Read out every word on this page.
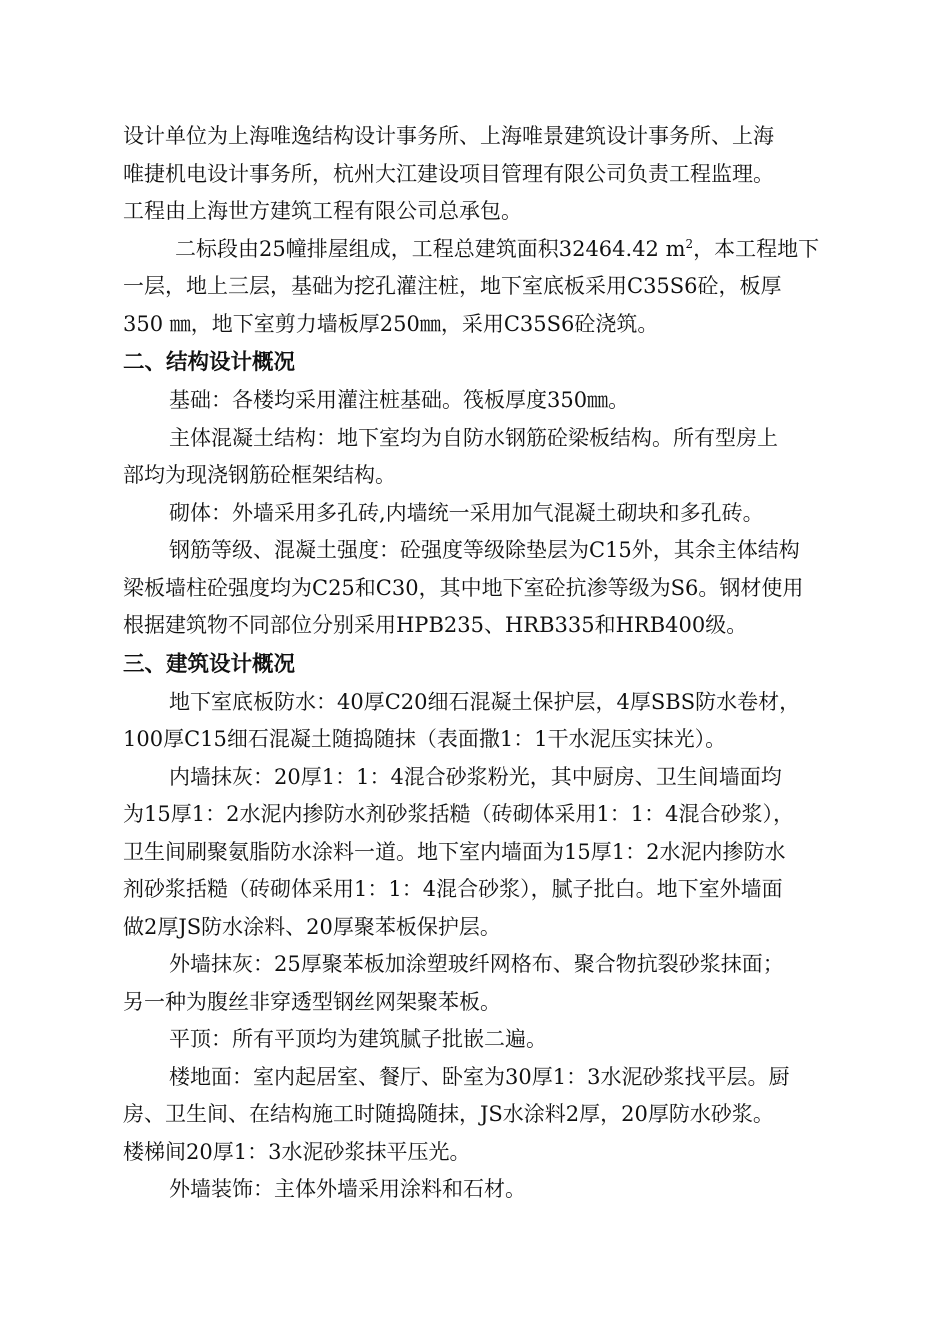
设计单位为上海唯逸结构设计事务所、上海唯景建筑设计事务所、上海
唯捷机电设计事务所，杭州大江建设项目管理有限公司负责工程监理。
工程由上海世方建筑工程有限公司总承包。
二标段由25幢排屋组成，工程总建筑面积32464.42 $m^2$，本工程地下
一层，地上三层，基础为挖孔灌注桩，地下室底板采用C35S6砼，板厚
350 ㎜，地下室剪力墙板厚250㎜，采用C35S6砼浇筑。
二、结构设计概况
基础：各楼均采用灌注桩基础。筏板厚度350㎜。
主体混凝土结构：地下室均为自防水钢筋砼梁板结构。所有型房上
部均为现浇钢筋砼框架结构。
砌体：外墙采用多孔砖,内墙统一采用加气混凝土砌块和多孔砖。
钢筋等级、混凝土强度：砼强度等级除垫层为C15外，其余主体结构
梁板墙柱砼强度均为C25和C30，其中地下室砼抗渗等级为S6。钢材使用
根据建筑物不同部位分别采用HPB235、HRB335和HRB400级。
三、建筑设计概况
地下室底板防水：40厚C20细石混凝土保护层，4厚SBS防水卷材，
100厚C15细石混凝土随捣随抹（表面撒1：1干水泥压实抹光）。
内墙抹灰：20厚1：1：4混合砂浆粉光，其中厨房、卫生间墙面均
为15厚1：2水泥内掺防水剂砂浆括糙（砖砌体采用1：1：4混合砂浆），
卫生间刷聚氨脂防水涂料一道。地下室内墙面为15厚1：2水泥内掺防水
剂砂浆括糙（砖砌体采用1：1：4混合砂浆），腻子批白。地下室外墙面
做2厚JS防水涂料、20厚聚苯板保护层。
外墙抹灰：25厚聚苯板加涂塑玻纤网格布、聚合物抗裂砂浆抹面；
另一种为腹丝非穿透型钢丝网架聚苯板。
平顶：所有平顶均为建筑腻子批嵌二遍。
楼地面：室内起居室、餐厅、卧室为30厚1：3水泥砂浆找平层。厨
房、卫生间、在结构施工时随捣随抹，JS水涂料2厚，20厚防水砂浆。
楼梯间20厚1：3水泥砂浆抹平压光。
外墙装饰：主体外墙采用涂料和石材。
